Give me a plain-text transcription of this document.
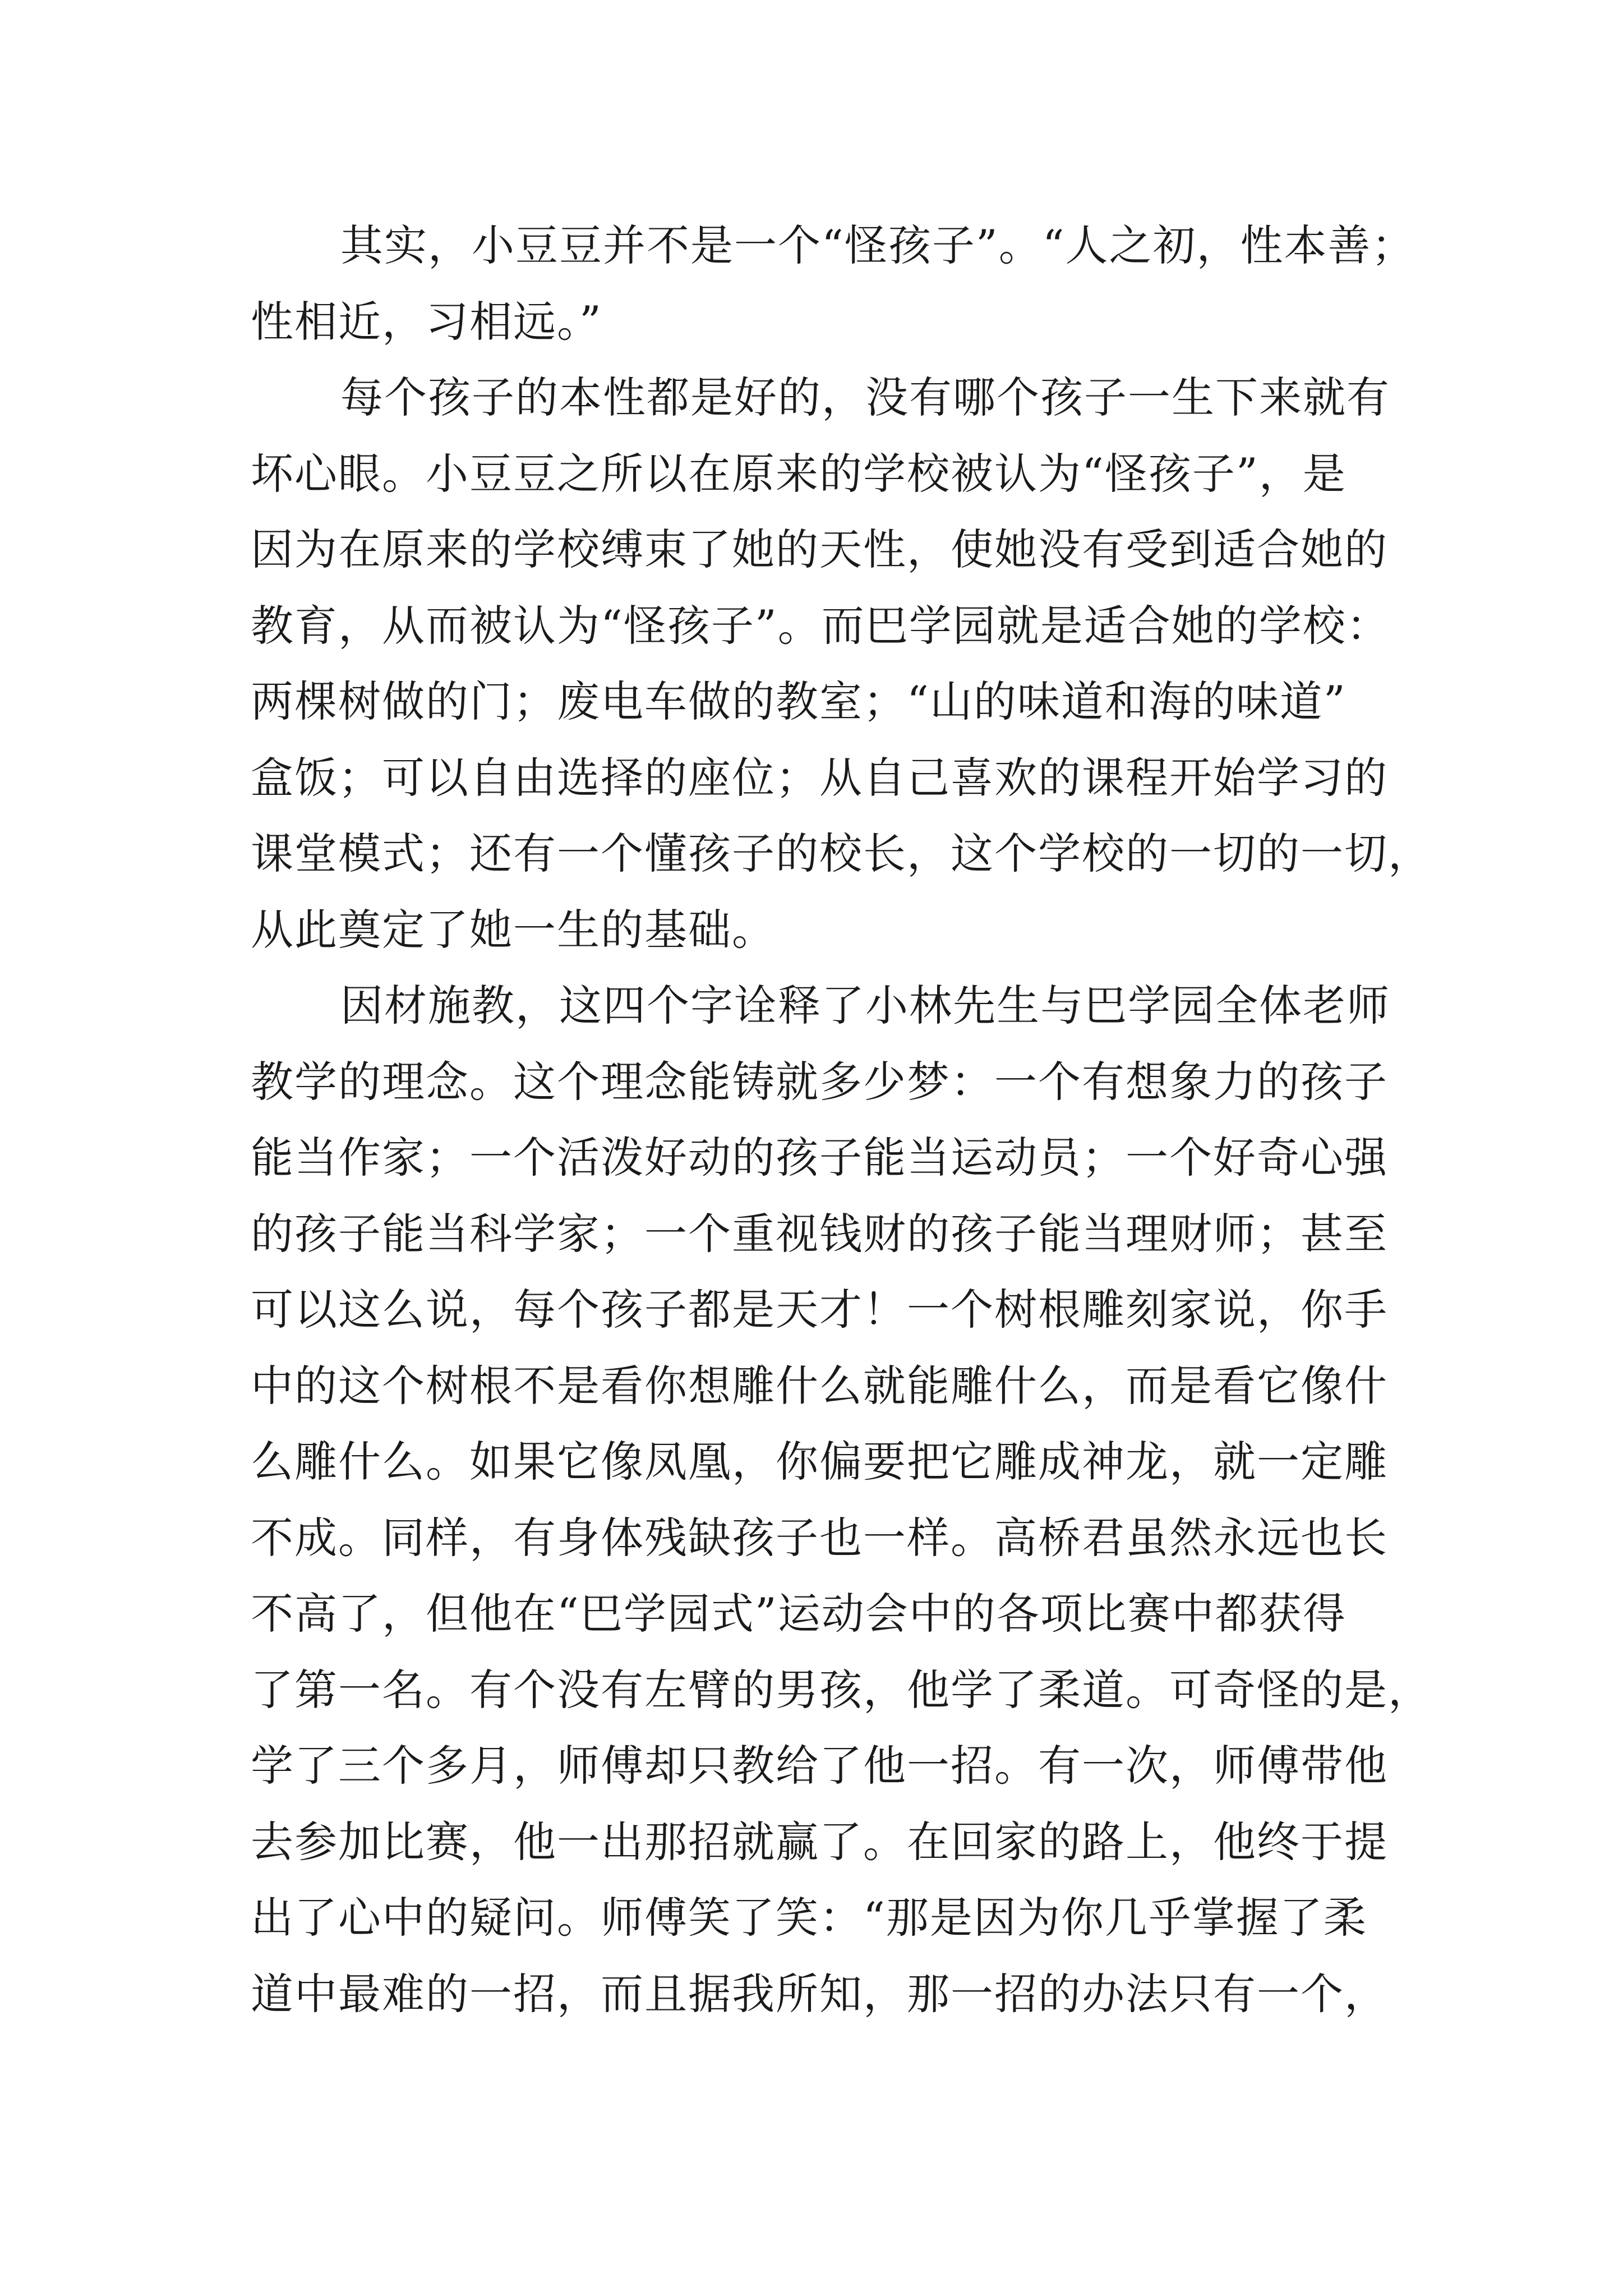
其实，小豆豆并不是一个“怪孩子”。“人之初，性本善；
性相近，习相远。”
每个孩子的本性都是好的，没有哪个孩子一生下来就有
坏心眼。小豆豆之所以在原来的学校被认为“怪孩子”，是
因为在原来的学校缚束了她的天性，使她没有受到适合她的
教育，从而被认为“怪孩子”。而巴学园就是适合她的学校：
两棵树做的门；废电车做的教室；“山的味道和海的味道”
盒饭；可以自由选择的座位；从自己喜欢的课程开始学习的
课堂模式；还有一个懂孩子的校长，这个学校的一切的一切，
从此奠定了她一生的基础。
因材施教，这四个字诠释了小林先生与巴学园全体老师
教学的理念。这个理念能铸就多少梦：一个有想象力的孩子
能当作家；一个活泼好动的孩子能当运动员；一个好奇心强
的孩子能当科学家；一个重视钱财的孩子能当理财师；甚至
可以这么说，每个孩子都是天才！一个树根雕刻家说，你手
中的这个树根不是看你想雕什么就能雕什么，而是看它像什
么雕什么。如果它像凤凰，你偏要把它雕成神龙，就一定雕
不成。同样，有身体残缺孩子也一样。高桥君虽然永远也长
不高了，但他在“巴学园式”运动会中的各项比赛中都获得
了第一名。有个没有左臂的男孩，他学了柔道。可奇怪的是，
学了三个多月，师傅却只教给了他一招。有一次，师傅带他
去参加比赛，他一出那招就赢了。在回家的路上，他终于提
出了心中的疑问。师傅笑了笑：“那是因为你几乎掌握了柔
道中最难的一招，而且据我所知，那一招的办法只有一个，
